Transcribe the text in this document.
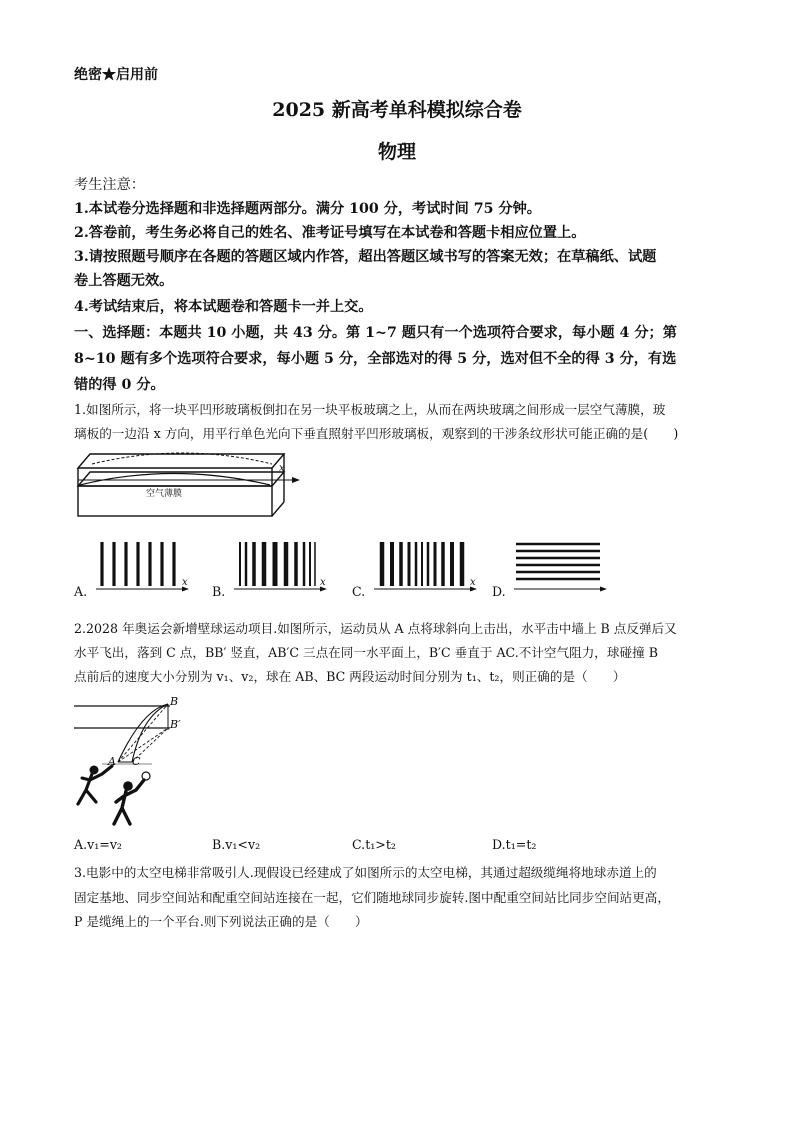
绝密★启用前
2025 新高考单科模拟综合卷
物理
考生注意：
1.本试卷分选择题和非选择题两部分。满分 100 分，考试时间 75 分钟。
2.答卷前，考生务必将自己的姓名、准考证号填写在本试卷和答题卡相应位置上。
3.请按照题号顺序在各题的答题区域内作答，超出答题区域书写的答案无效；在草稿纸、试题
卷上答题无效。
4.考试结束后，将本试题卷和答题卡一并上交。
一、选择题：本题共 10 小题，共 43 分。第 1~7 题只有一个选项符合要求，每小题 4 分；第
8~10 题有多个选项符合要求，每小题 5 分，全部选对的得 5 分，选对但不全的得 3 分，有选
错的得 0 分。
1.如图所示，将一块平凹形玻璃板倒扣在另一块平板玻璃之上，从而在两块玻璃之间形成一层空气薄膜，玻
璃板的一边沿 x 方向，用平行单色光向下垂直照射平凹形玻璃板，观察到的干涉条纹形状可能正确的是(　　)
x
空气薄膜
A.	B.	C.	D.
x	x	x
2.2028 年奥运会新增壁球运动项目.如图所示，运动员从 A 点将球斜向上击出，水平击中墙上 B 点反弹后又
水平飞出，落到 C 点，BB′ 竖直，AB′C 三点在同一水平面上，B′C 垂直于 AC.不计空气阻力，球碰撞 B
点前后的速度大小分别为 v₁、v₂，球在 AB、BC 两段运动时间分别为 t₁、t₂，则正确的是（　　）
B
B′
A C
A.v₁=v₂	B.v₁<v₂	C.t₁>t₂	D.t₁=t₂
3.电影中的太空电梯非常吸引人.现假设已经建成了如图所示的太空电梯，其通过超级缆绳将地球赤道上的
固定基地、同步空间站和配重空间站连接在一起，它们随地球同步旋转.图中配重空间站比同步空间站更高，
P 是缆绳上的一个平台.则下列说法正确的是（　　）
